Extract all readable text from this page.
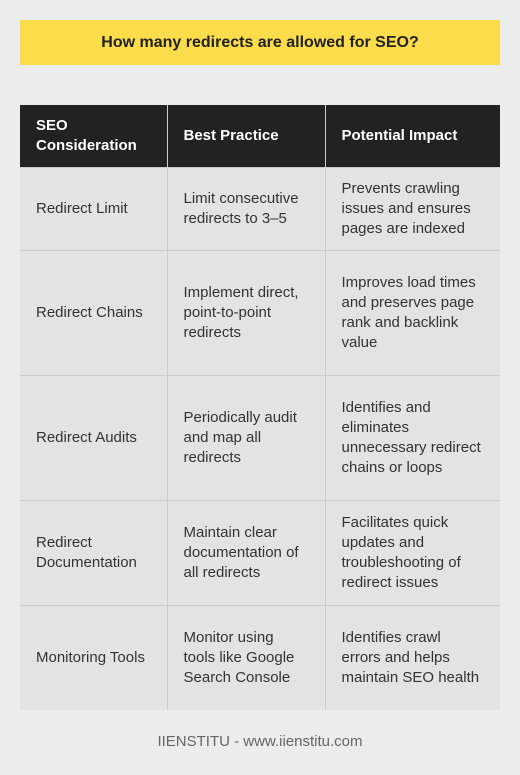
How many redirects are allowed for SEO?
SEO Consideration	Best Practice	Potential Impact
Redirect Limit	Limit consecutive redirects to 3–5	Prevents crawling issues and ensures pages are indexed
Redirect Chains	Implement direct, point-to-point redirects	Improves load times and preserves page rank and backlink value
Redirect Audits	Periodically audit and map all redirects	Identifies and eliminates unnecessary redirect chains or loops
Redirect Documentation	Maintain clear documentation of all redirects	Facilitates quick updates and troubleshooting of redirect issues
Monitoring Tools	Monitor using tools like Google Search Console	Identifies crawl errors and helps maintain SEO health
IIENSTITU - www.iienstitu.com
